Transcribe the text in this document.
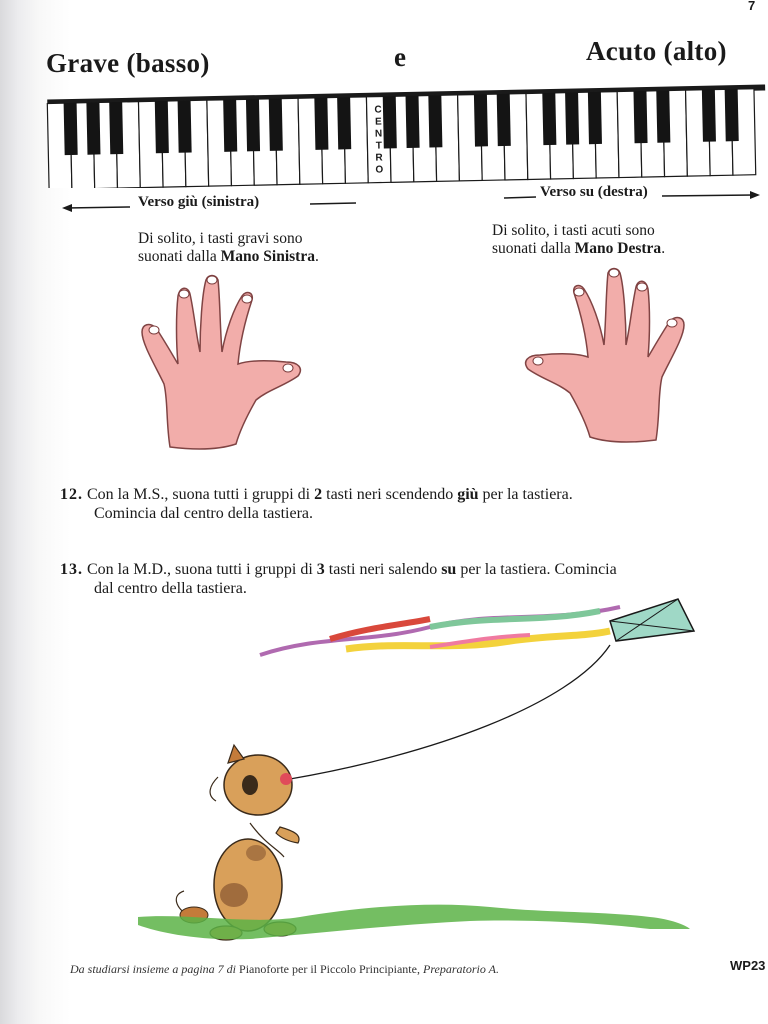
7
Grave (basso)	e	Acuto (alto)
C
E
N
T
R
O
Verso giù (sinistra)
Verso su (destra)
Di solito, i tasti gravi sono
suonati dalla Mano Sinistra.
Di solito, i tasti acuti sono
suonati dalla Mano Destra.
12. Con la M.S., suona tutti i gruppi di 2 tasti neri scendendo giù per la tastiera.
Comincia dal centro della tastiera.
13. Con la M.D., suona tutti i gruppi di 3 tasti neri salendo su per la tastiera. Comincia
dal centro della tastiera.
Da studiarsi insieme a pagina 7 di Pianoforte per il Piccolo Principiante, Preparatorio A.	WP23
